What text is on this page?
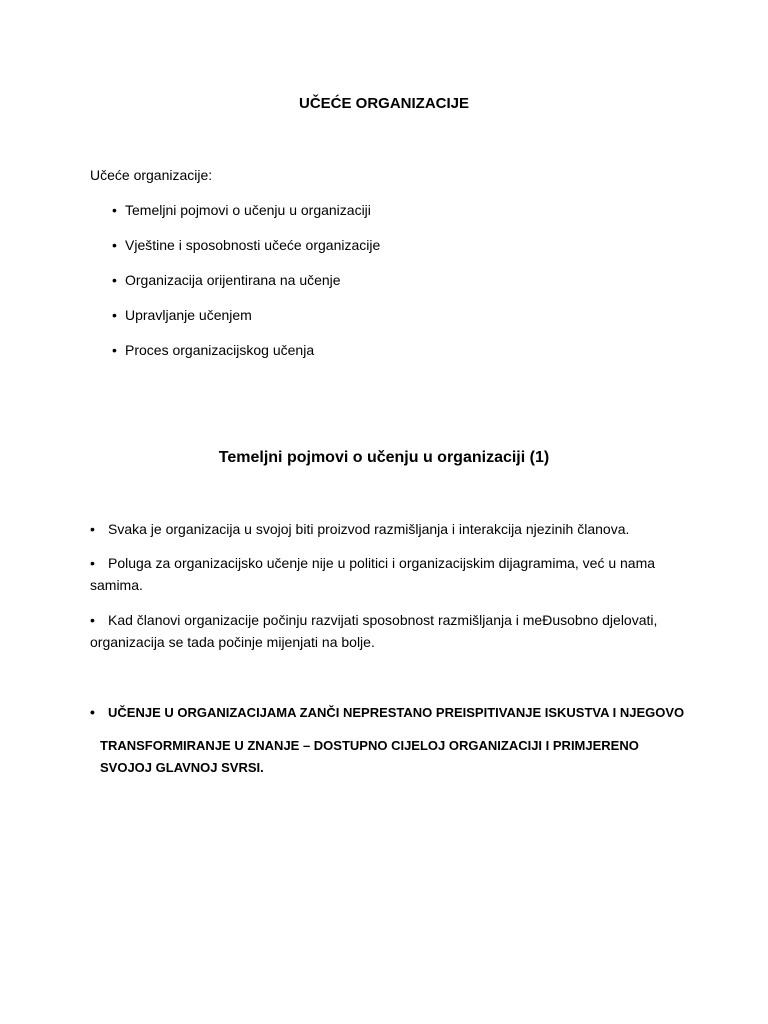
UČEĆE ORGANIZACIJE
Učeće organizacije:
• Temeljni pojmovi o učenju u organizaciji
• Vještine i sposobnosti učeće organizacije
• Organizacija orijentirana na učenje
• Upravljanje učenjem
• Proces organizacijskog učenja
Temeljni pojmovi o učenju u organizaciji (1)
• Svaka je organizacija u svojoj biti proizvod razmišljanja i interakcija njezinih članova.
• Poluga za organizacijsko učenje nije u politici i organizacijskim dijagramima, već u nama samima.
• Kad članovi organizacije počinju razvijati sposobnost razmišljanja i meĐusobno djelovati, organizacija se tada počinje mijenjati na bolje.
• UČENJE U ORGANIZACIJAMA ZANČI NEPRESTANO PREISPITIVANJE ISKUSTVA I NJEGOVO
TRANSFORMIRANJE U ZNANJE – DOSTUPNO CIJELOJ ORGANIZACIJI I PRIMJERENO SVOJOJ GLAVNOJ SVRSI.
